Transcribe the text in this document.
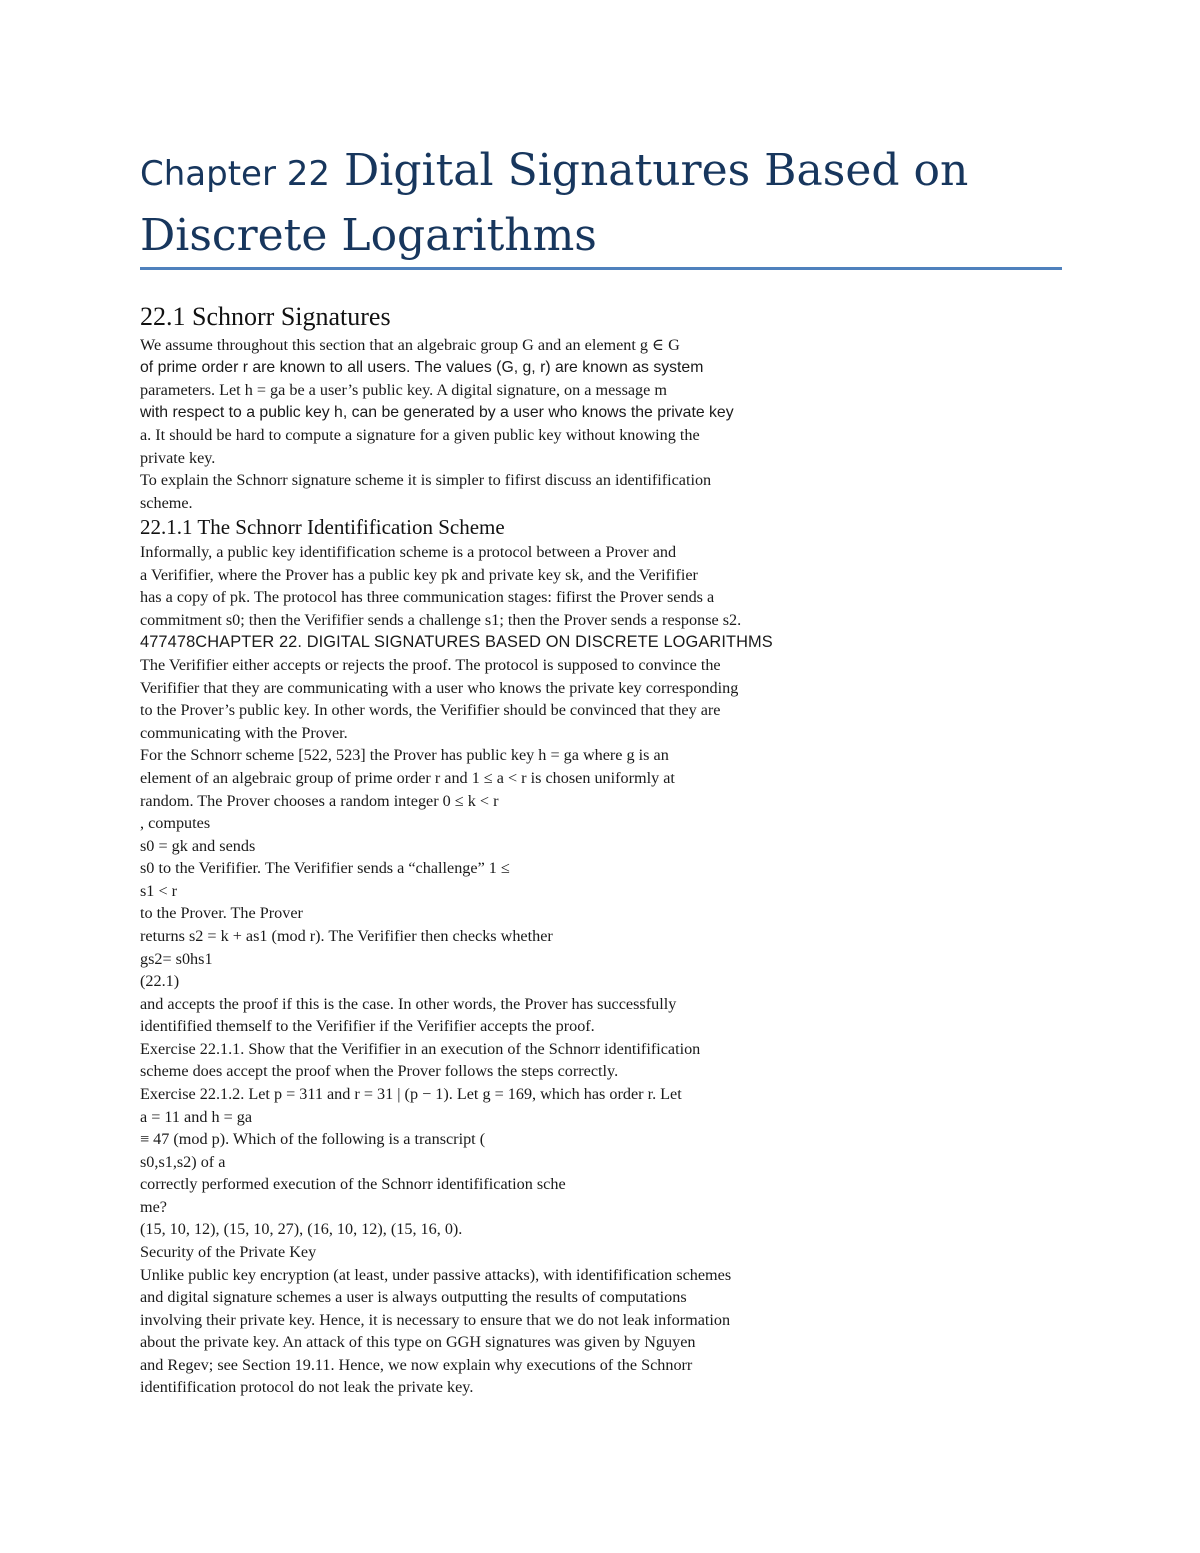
Chapter 22 Digital Signatures Based on
Discrete Logarithms
22.1 Schnorr Signatures
We assume throughout this section that an algebraic group G and an element g ∈ G
of prime order r are known to all users. The values (G, g, r) are known as system
parameters. Let h = ga be a user’s public key. A digital signature, on a message m
with respect to a public key h, can be generated by a user who knows the private key
a. It should be hard to compute a signature for a given public key without knowing the
private key.
To explain the Schnorr signature scheme it is simpler to fifirst discuss an identifification
scheme.
22.1.1 The Schnorr Identifification Scheme
Informally, a public key identifification scheme is a protocol between a Prover and
a Verififier, where the Prover has a public key pk and private key sk, and the Verififier
has a copy of pk. The protocol has three communication stages: fifirst the Prover sends a
commitment s0; then the Verififier sends a challenge s1; then the Prover sends a response s2.
477478CHAPTER 22. DIGITAL SIGNATURES BASED ON DISCRETE LOGARITHMS
The Verififier either accepts or rejects the proof. The protocol is supposed to convince the
Verififier that they are communicating with a user who knows the private key corresponding
to the Prover’s public key. In other words, the Verififier should be convinced that they are
communicating with the Prover.
For the Schnorr scheme [522, 523] the Prover has public key h = ga where g is an
element of an algebraic group of prime order r and 1 ≤ a < r is chosen uniformly at
random. The Prover chooses a random integer 0 ≤ k < r
, computes
s0 = gk and sends
s0 to the Verififier. The Verififier sends a “challenge” 1 ≤
s1 < r
to the Prover. The Prover
returns s2 = k + as1 (mod r). The Verififier then checks whether
gs2= s0hs1
(22.1)
and accepts the proof if this is the case. In other words, the Prover has successfully
identifified themself to the Verififier if the Verififier accepts the proof.
Exercise 22.1.1. Show that the Verififier in an execution of the Schnorr identifification
scheme does accept the proof when the Prover follows the steps correctly.
Exercise 22.1.2. Let p = 311 and r = 31 | (p − 1). Let g = 169, which has order r. Let
a = 11 and h = ga
≡ 47 (mod p). Which of the following is a transcript (
s0,s1,s2) of a
correctly performed execution of the Schnorr identifification sche
me?
(15, 10, 12), (15, 10, 27), (16, 10, 12), (15, 16, 0).
Security of the Private Key
Unlike public key encryption (at least, under passive attacks), with identifification schemes
and digital signature schemes a user is always outputting the results of computations
involving their private key. Hence, it is necessary to ensure that we do not leak information
about the private key. An attack of this type on GGH signatures was given by Nguyen
and Regev; see Section 19.11. Hence, we now explain why executions of the Schnorr
identifification protocol do not leak the private key.
